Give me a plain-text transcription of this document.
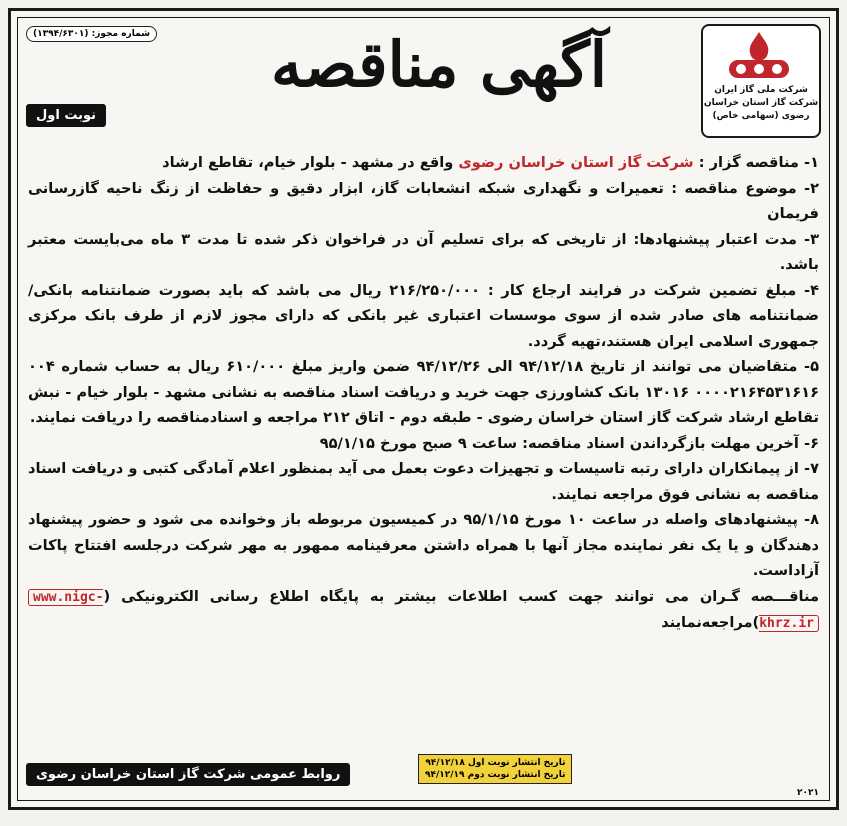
شرکت ملی گاز ایران
شرکت گاز استان خراسان
رضوی (سهامی خاص)
آگهی مناقصه
شماره مجوز: (۱۳۹۴/۶۳۰۱)
نوبت اول

۱- مناقصه گزار : شرکت گاز استان خراسان رضوی واقع در مشهد - بلوار خیام، تقاطع ارشاد

۲- موضوع مناقصه : تعمیرات و نگهداری شبکه انشعابات گاز، ابزار دقیق و حفاظت از زنگ ناحیه گازرسانی فریمان

۳- مدت اعتبار پیشنهادها: از تاریخی که برای تسلیم آن در فراخوان ذکر شده تا مدت ۳ ماه می‌بایست معتبر باشد.

۴- مبلغ تضمین شرکت در فرایند ارجاع کار : ۲۱۶/۲۵۰/۰۰۰ ریال می باشد که باید بصورت ضمانتنامه بانکی/ضمانتنامه های صادر شده از سوی موسسات اعتباری غیر بانکی که دارای مجوز لازم از طرف بانک مرکزی جمهوری اسلامی ایران هستند،تهیه گردد.

۵- متقاضیان می توانند از تاریخ ۹۴/۱۲/۱۸ الی ۹۴/۱۲/۲۶ ضمن واریز مبلغ ۶۱۰/۰۰۰ ریال به حساب شماره ۰۰۴ ۰۰۰۰۲۱۶۴۵۳۱۶۱۶ ۱۳۰۱۶ بانک کشاورزی جهت خرید و دریافت اسناد مناقصه به نشانی مشهد - بلوار خیام - نبش تقاطع ارشاد شرکت گاز استان خراسان رضوی - طبقه دوم - اتاق ۲۱۲ مراجعه و اسنادمناقصه را دریافت نمایند.

۶- آخرین مهلت بازگرداندن اسناد مناقصه: ساعت ۹ صبح مورخ ۹۵/۱/۱۵

۷- از پیمانکاران دارای رتبه تاسیسات و تجهیزات دعوت بعمل می آید بمنظور اعلام آمادگی کتبی و دریافت اسناد مناقصه به نشانی فوق مراجعه نمایند.

۸- پیشنهادهای واصله در ساعت ۱۰ مورخ ۹۵/۱/۱۵ در کمیسیون مربوطه باز وخوانده می شود و حضور پیشنهاد دهندگان و یا یک نفر نماینده مجاز آنها با همراه داشتن معرفینامه ممهور به مهر شرکت درجلسه افتتاح پاکات آزاداست.

مناقـــصه گـران می توانند جهت کسب اطلاعات بیشتر به پایگاه اطلاع رسانی الکترونیکی (www.nigc-khrz.ir)مراجعه‌نمایند

تاریخ انتشار نوبت اول ۹۴/۱۲/۱۸
تاریخ انتشار نوبت دوم ۹۴/۱۲/۱۹
روابط عمومی شرکت گاز استان خراسان رضوی
۲۰۲۱
